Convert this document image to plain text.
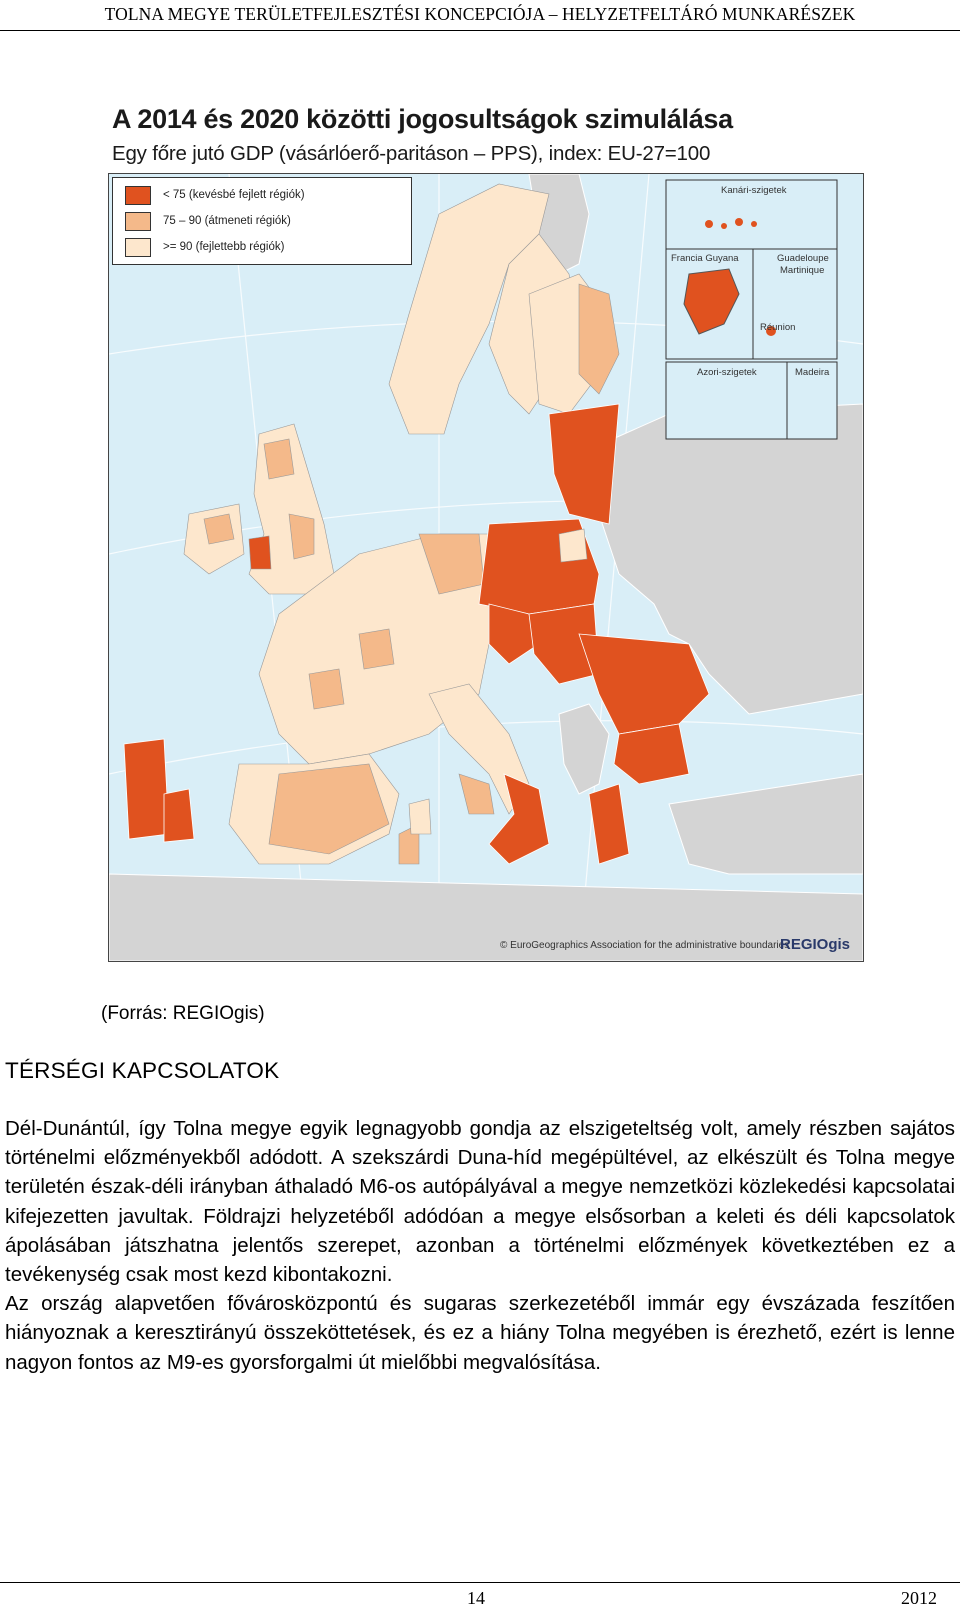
TOLNA MEGYE TERÜLETFEJLESZTÉSI KONCEPCIÓJA – HELYZETFELTÁRÓ MUNKARÉSZEK
A 2014 és 2020 közötti jogosultságok szimulálása
Egy főre jutó GDP (vásárlóerő-paritáson – PPS), index: EU-27=100
Kanári-szigetek
Francia Guyana	Guadeloupe
Martinique
Réunion
Azori-szigetek	Madeira
< 75 (kevésbé fejlett régiók)
75 – 90 (átmeneti régiók)
>= 90 (fejlettebb régiók)
© EuroGeographics Association for the administrative boundaries
REGIOgis
(Forrás: REGIOgis)
TÉRSÉGI KAPCSOLATOK

Dél-Dunántúl, így Tolna megye egyik legnagyobb gondja az elszigeteltség volt, amely részben sajátos történelmi előzményekből adódott. A szekszárdi Duna-híd megépültével, az elkészült és Tolna megye területén észak-déli irányban áthaladó M6-os autópályával a megye nemzetközi közlekedési kapcsolatai kifejezetten javultak. Földrajzi helyzetéből adódóan a megye elsősorban a keleti és déli kapcsolatok ápolásában játszhatna jelentős szerepet, azonban a történelmi előzmények következtében ez a tevékenység csak most kezd kibontakozni.

Az ország alapvetően fővárosközpontú és sugaras szerkezetéből immár egy évszázada feszítően hiányoznak a keresztirányú összeköttetések, és ez a hiány Tolna megyében is érezhető, ezért is lenne nagyon fontos az M9-es gyorsforgalmi út mielőbbi megvalósítása.

14	2012
